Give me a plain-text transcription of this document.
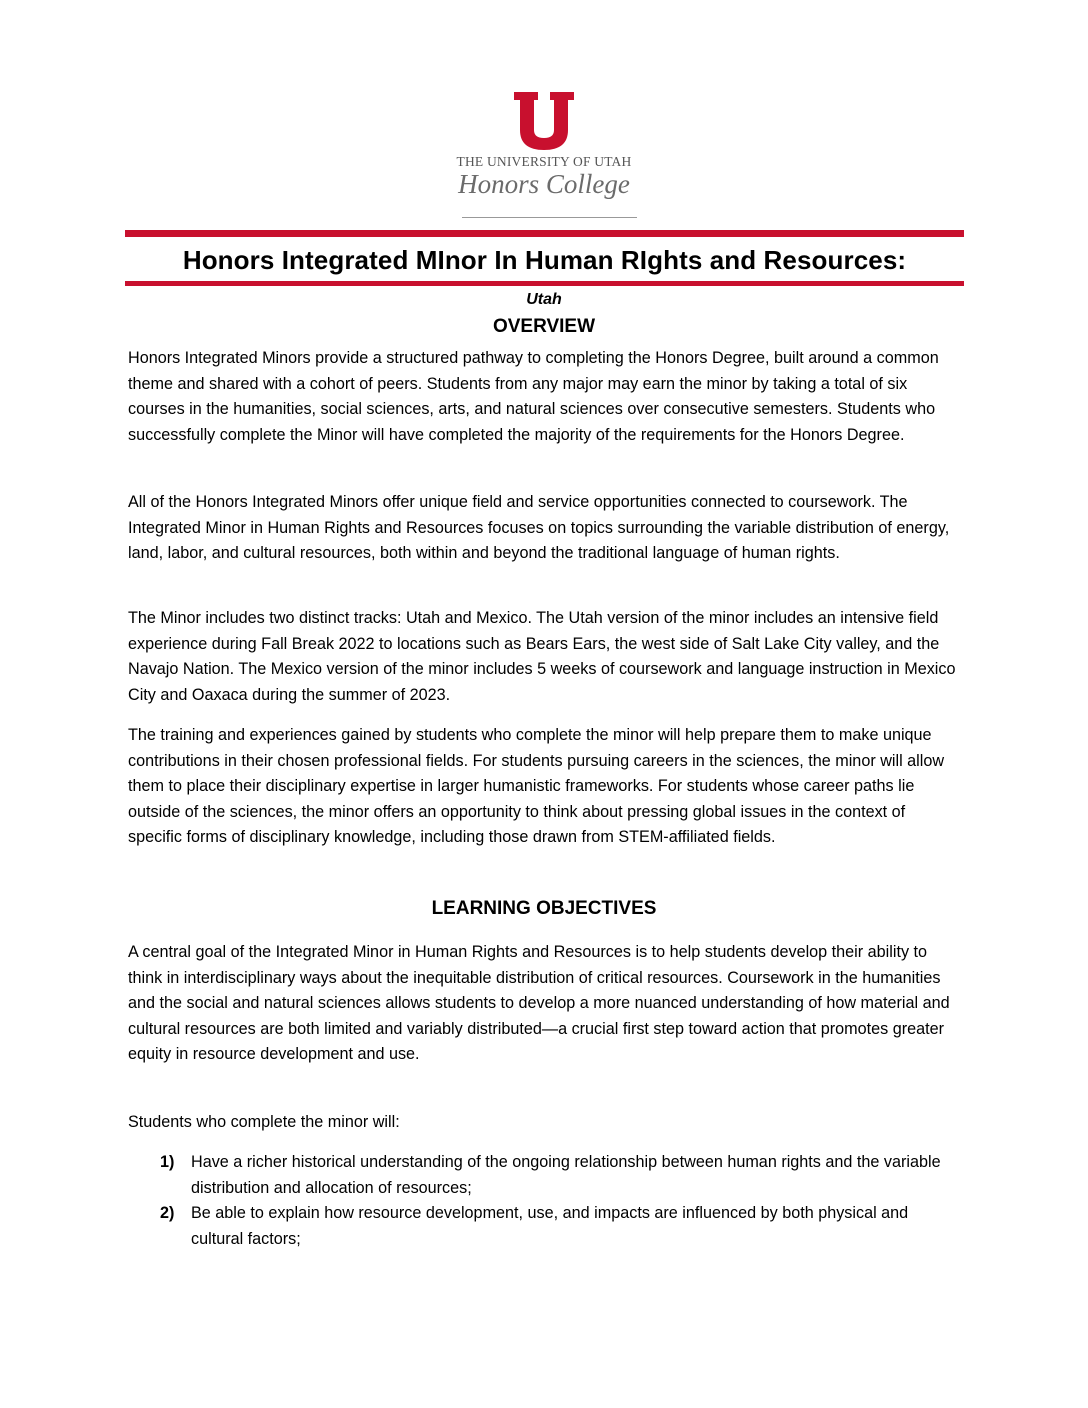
THE UNIVERSITY OF UTAH
Honors College
Honors Integrated MInor In Human RIghts and Resources:
Utah
OVERVIEW

Honors Integrated Minors provide a structured pathway to completing the Honors Degree, built around a common theme and shared with a cohort of peers. Students from any major may earn the minor by taking a total of six courses in the humanities, social sciences, arts, and natural sciences over consecutive semesters. Students who successfully complete the Minor will have completed the majority of the requirements for the Honors Degree.

All of the Honors Integrated Minors offer unique field and service opportunities connected to coursework. The Integrated Minor in Human Rights and Resources focuses on topics surrounding the variable distribution of energy, land, labor, and cultural resources, both within and beyond the traditional language of human rights.

The Minor includes two distinct tracks: Utah and Mexico. The Utah version of the minor includes an intensive field experience during Fall Break 2022 to locations such as Bears Ears, the west side of Salt Lake City valley, and the Navajo Nation. The Mexico version of the minor includes 5 weeks of coursework and language instruction in Mexico City and Oaxaca during the summer of 2023.

The training and experiences gained by students who complete the minor will help prepare them to make unique contributions in their chosen professional fields. For students pursuing careers in the sciences, the minor will allow them to place their disciplinary expertise in larger humanistic frameworks. For students whose career paths lie outside of the sciences, the minor offers an opportunity to think about pressing global issues in the context of specific forms of disciplinary knowledge, including those drawn from STEM-affiliated fields.

LEARNING OBJECTIVES

A central goal of the Integrated Minor in Human Rights and Resources is to help students develop their ability to think in interdisciplinary ways about the inequitable distribution of critical resources. Coursework in the humanities and the social and natural sciences allows students to develop a more nuanced understanding of how material and cultural resources are both limited and variably distributed—a crucial first step toward action that promotes greater equity in resource development and use.

Students who complete the minor will:

1) Have a richer historical understanding of the ongoing relationship between human rights and the variable distribution and allocation of resources;
2) Be able to explain how resource development, use, and impacts are influenced by both physical and cultural factors;
